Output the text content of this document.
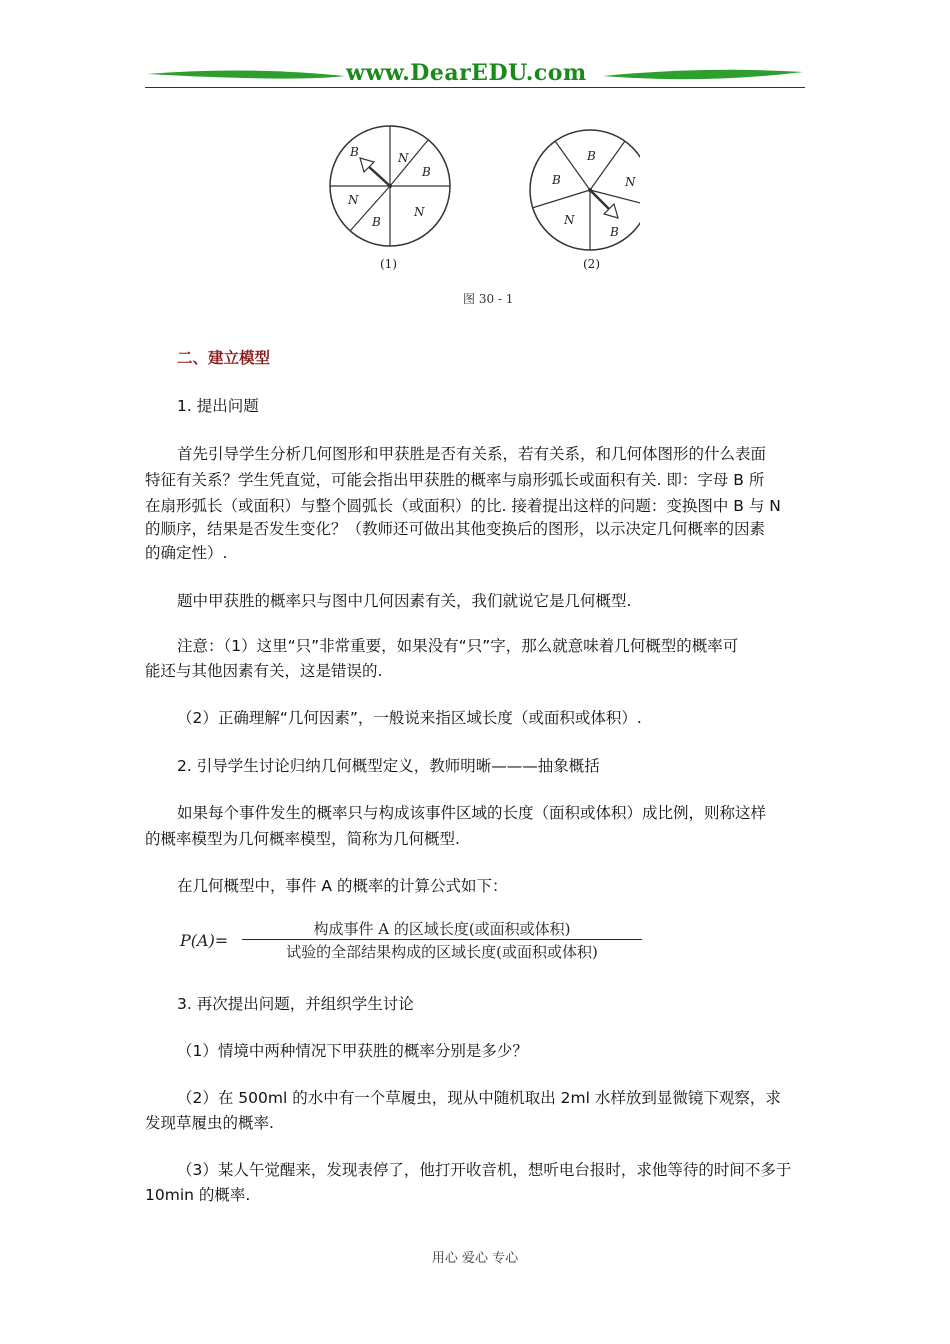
www.DearEDU.com
B	N
B
N
B
N
B
B	N
N
B
(1)	(2)
图 30 - 1
二、建立模型
1. 提出问题
首先引导学生分析几何图形和甲获胜是否有关系，若有关系，和几何体图形的什么表面
特征有关系？学生凭直觉，可能会指出甲获胜的概率与扇形弧长或面积有关. 即：字母 B 所
在扇形弧长（或面积）与整个圆弧长（或面积）的比. 接着提出这样的问题：变换图中 B 与 N
的顺序，结果是否发生变化？（教师还可做出其他变换后的图形，以示决定几何概率的因素
的确定性）.
题中甲获胜的概率只与图中几何因素有关，我们就说它是几何概型.
注意：（1）这里“只”非常重要，如果没有“只”字，那么就意味着几何概型的概率可
能还与其他因素有关，这是错误的.
（2）正确理解“几何因素”，一般说来指区域长度（或面积或体积）.
2. 引导学生讨论归纳几何概型定义，教师明晰———抽象概括
如果每个事件发生的概率只与构成该事件区域的长度（面积或体积）成比例，则称这样
的概率模型为几何概率模型，简称为几何概型.
在几何概型中，事件 A 的概率的计算公式如下：
P(A)=
构成事件 A 的区域长度(或面积或体积)
试验的全部结果构成的区域长度(或面积或体积)
3. 再次提出问题，并组织学生讨论
（1）情境中两种情况下甲获胜的概率分别是多少？
（2）在 500ml 的水中有一个草履虫，现从中随机取出 2ml 水样放到显微镜下观察，求
发现草履虫的概率.
（3）某人午觉醒来，发现表停了，他打开收音机，想听电台报时，求他等待的时间不多于
10min 的概率.
用心 爱心 专心
